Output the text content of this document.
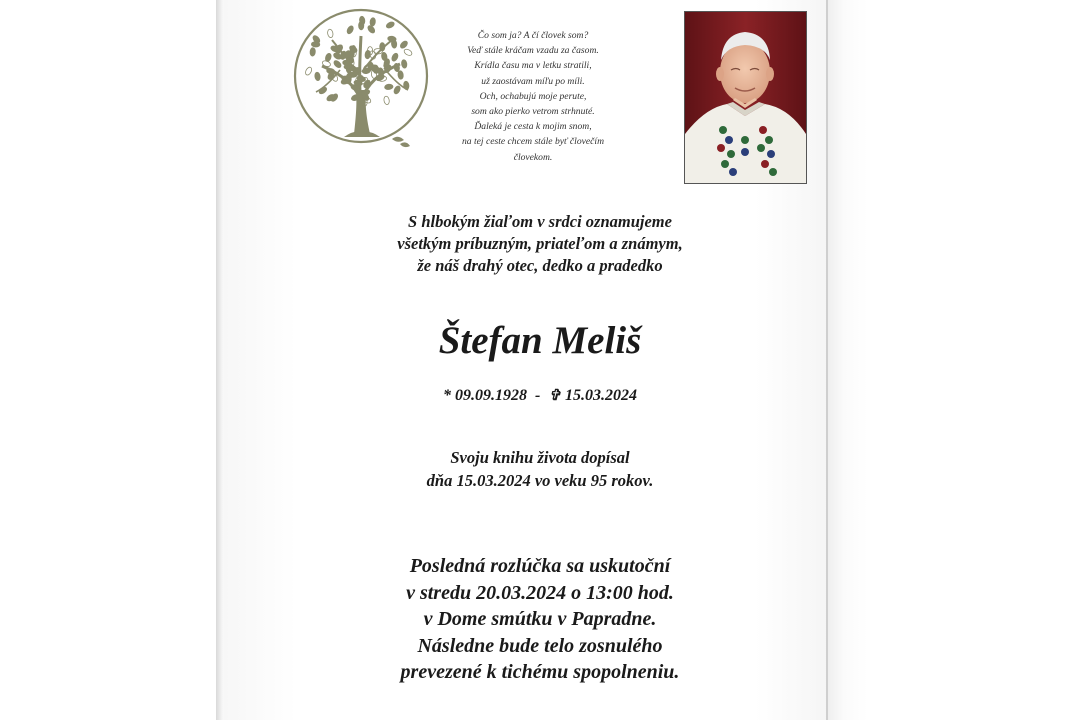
Čo som ja? A čí človek som?
Veď stále kráčam vzadu za časom.
Krídla času ma v letku stratili,
už zaostávam míľu po míli.
Och, ochabujú moje perute,
som ako pierko vetrom strhnuté.
Ďaleká je cesta k mojim snom,
na tej ceste chcem stále byť človečím
človekom.
S hlbokým žiaľom v srdci oznamujeme
všetkým príbuzným, priateľom a známym,
že náš drahý otec, dedko a pradedko
Štefan Meliš
* 09.09.1928 - ✞ 15.03.2024
Svoju knihu života dopísal
dňa 15.03.2024 vo veku 95 rokov.
Posledná rozlúčka sa uskutoční
v stredu 20.03.2024 o 13:00 hod.
v Dome smútku v Papradne.
Následne bude telo zosnulého
prevezené k tichému spopolneniu.
